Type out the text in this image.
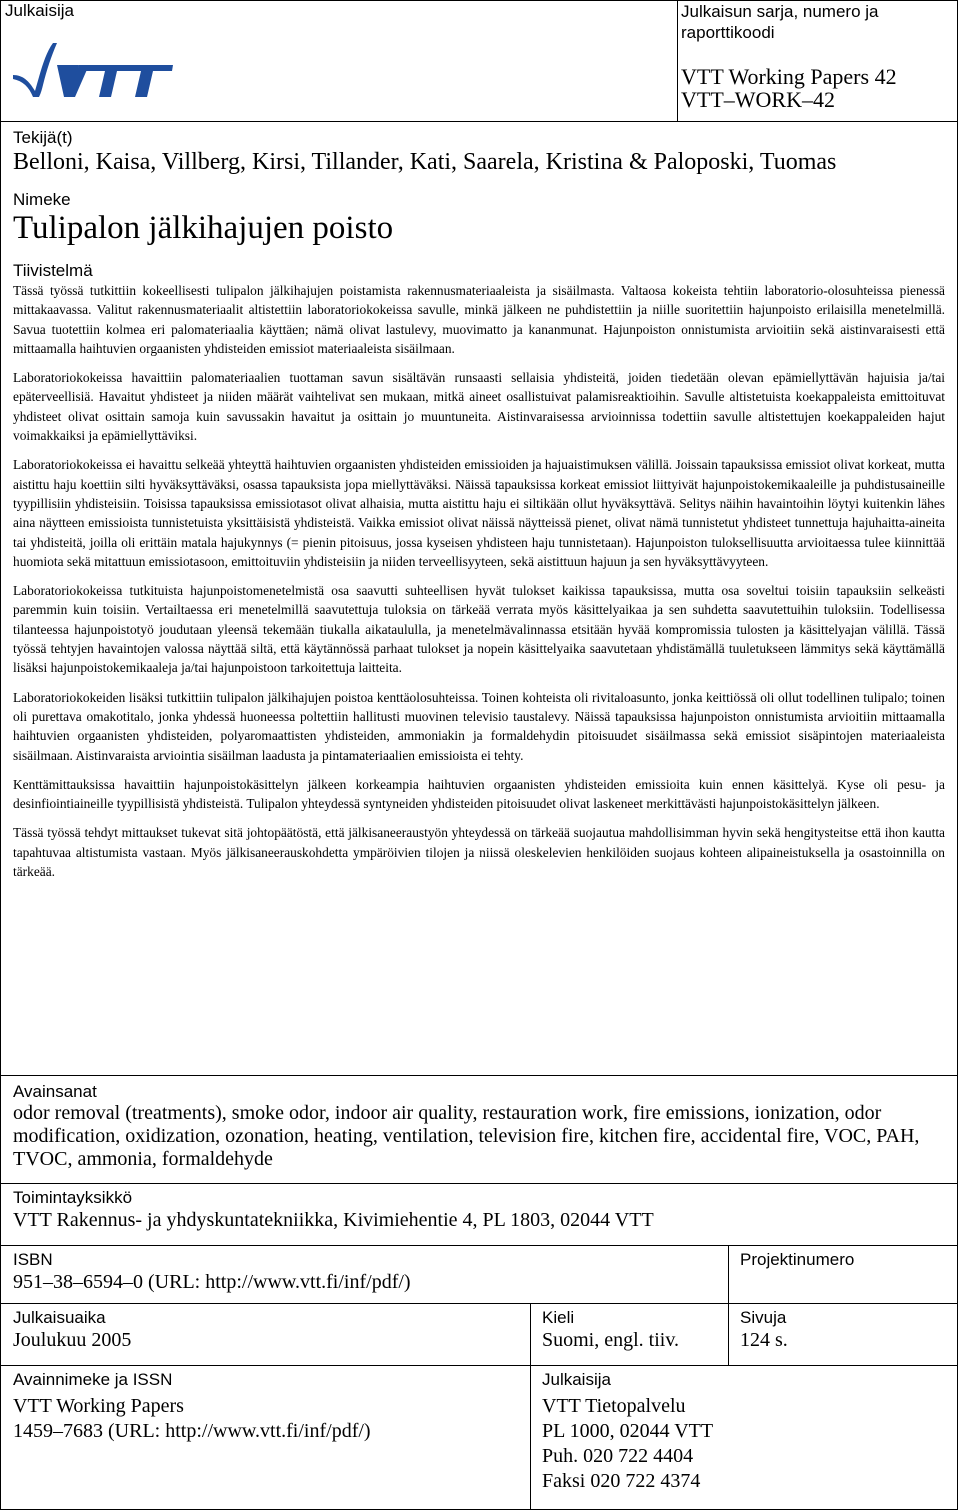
Julkaisija	Julkaisun sarja, numero ja raporttikoodi
VTT Working Papers 42
VTT–WORK–42
Tekijä(t)
Belloni, Kaisa, Villberg, Kirsi, Tillander, Kati, Saarela, Kristina & Paloposki, Tuomas
Nimeke
Tulipalon jälkihajujen poisto
Tiivistelmä

Tässä työssä tutkittiin kokeellisesti tulipalon jälkihajujen poistamista rakennusmateriaaleista ja sisäilmasta. Valtaosa kokeista tehtiin laboratorio-olosuhteissa pienessä mittakaavassa. Valitut rakennusmateriaalit altistettiin laboratoriokokeissa savulle, minkä jälkeen ne puhdistettiin ja niille suoritettiin hajunpoisto erilaisilla menetelmillä. Savua tuotettiin kolmea eri palomateriaalia käyttäen; nämä olivat lastulevy, muovimatto ja kananmunat. Hajunpoiston onnistumista arvioitiin sekä aistinvaraisesti että mittaamalla haihtuvien orgaanisten yhdisteiden emissiot materiaaleista sisäilmaan.

Laboratoriokokeissa havaittiin palomateriaalien tuottaman savun sisältävän runsaasti sellaisia yhdisteitä, joiden tiedetään olevan epämiellyttävän hajuisia ja/tai epäterveellisiä. Havaitut yhdisteet ja niiden määrät vaihtelivat sen mukaan, mitkä aineet osallistuivat palamisreaktioihin. Savulle altistetuista koekappaleista emittoituvat yhdisteet olivat osittain samoja kuin savussakin havaitut ja osittain jo muuntuneita. Aistinvaraisessa arvioinnissa todettiin savulle altistettujen koekappaleiden hajut voimakkaiksi ja epämiellyttäviksi.

Laboratoriokokeissa ei havaittu selkeää yhteyttä haihtuvien orgaanisten yhdisteiden emissioiden ja hajuaistimuksen välillä. Joissain tapauksissa emissiot olivat korkeat, mutta aistittu haju koettiin silti hyväksyttäväksi, osassa tapauksista jopa miellyttäväksi. Näissä tapauksissa korkeat emissiot liittyivät hajunpoistokemikaaleille ja puhdistusaineille tyypillisiin yhdisteisiin. Toisissa tapauksissa emissiotasot olivat alhaisia, mutta aistittu haju ei siltikään ollut hyväksyttävä. Selitys näihin havaintoihin löytyi kuitenkin lähes aina näytteen emissioista tunnistetuista yksittäisistä yhdisteistä. Vaikka emissiot olivat näissä näytteissä pienet, olivat nämä tunnistetut yhdisteet tunnettuja hajuhaitta-aineita tai yhdisteitä, joilla oli erittäin matala hajukynnys (= pienin pitoisuus, jossa kyseisen yhdisteen haju tunnistetaan). Hajunpoiston tuloksellisuutta arvioitaessa tulee kiinnittää huomiota sekä mitattuun emissiotasoon, emittoituviin yhdisteisiin ja niiden terveellisyyteen, sekä aistittuun hajuun ja sen hyväksyttävyyteen.

Laboratoriokokeissa tutkituista hajunpoistomenetelmistä osa saavutti suhteellisen hyvät tulokset kaikissa tapauksissa, mutta osa soveltui toisiin tapauksiin selkeästi paremmin kuin toisiin. Vertailtaessa eri menetelmillä saavutettuja tuloksia on tärkeää verrata myös käsittelyaikaa ja sen suhdetta saavutettuihin tuloksiin. Todellisessa tilanteessa hajunpoistotyö joudutaan yleensä tekemään tiukalla aikataululla, ja menetelmävalinnassa etsitään hyvää kompromissia tulosten ja käsittelyajan välillä. Tässä työssä tehtyjen havaintojen valossa näyttää siltä, että käytännössä parhaat tulokset ja nopein käsittelyaika saavutetaan yhdistämällä tuuletukseen lämmitys sekä käyttämällä lisäksi hajunpoistokemikaaleja ja/tai hajunpoistoon tarkoitettuja laitteita.

Laboratoriokokeiden lisäksi tutkittiin tulipalon jälkihajujen poistoa kenttäolosuhteissa. Toinen kohteista oli rivitaloasunto, jonka keittiössä oli ollut todellinen tulipalo; toinen oli purettava omakotitalo, jonka yhdessä huoneessa poltettiin hallitusti muovinen televisio taustalevy. Näissä tapauksissa hajunpoiston onnistumista arvioitiin mittaamalla haihtuvien orgaanisten yhdisteiden, polyaromaattisten yhdisteiden, ammoniakin ja formaldehydin pitoisuudet sisäilmassa sekä emissiot sisäpintojen materiaaleista sisäilmaan. Aistinvaraista arviointia sisäilman laadusta ja pintamateriaalien emissioista ei tehty.

Kenttämittauksissa havaittiin hajunpoistokäsittelyn jälkeen korkeampia haihtuvien orgaanisten yhdisteiden emissioita kuin ennen käsittelyä. Kyse oli pesu- ja desinfiointiaineille tyypillisistä yhdisteistä. Tulipalon yhteydessä syntyneiden yhdisteiden pitoisuudet olivat laskeneet merkittävästi hajunpoistokäsittelyn jälkeen.

Tässä työssä tehdyt mittaukset tukevat sitä johtopäätöstä, että jälkisaneeraustyön yhteydessä on tärkeää suojautua mahdollisimman hyvin sekä hengitysteitse että ihon kautta tapahtuvaa altistumista vastaan. Myös jälkisaneerauskohdetta ympäröivien tilojen ja niissä oleskelevien henkilöiden suojaus kohteen alipaineistuksella ja osastoinnilla on tärkeää.

Avainsanat
odor removal (treatments), smoke odor, indoor air quality, restauration work, fire emissions, ionization, odor modification, oxidization, ozonation, heating, ventilation, television fire, kitchen fire, accidental fire, VOC, PAH, TVOC, ammonia, formaldehyde
Toimintayksikkö
VTT Rakennus- ja yhdyskuntatekniikka, Kivimiehentie 4, PL 1803, 02044 VTT
ISBN
951–38–6594–0 (URL: http://www.vtt.fi/inf/pdf/)
Projektinumero
Julkaisuaika
Joulukuu 2005
Kieli
Suomi, engl. tiiv.
Sivuja
124 s.
Avainnimeke ja ISSN
VTT Working Papers
1459–7683 (URL: http://www.vtt.fi/inf/pdf/)
Julkaisija
VTT Tietopalvelu
PL 1000, 02044 VTT
Puh. 020 722 4404
Faksi 020 722 4374
